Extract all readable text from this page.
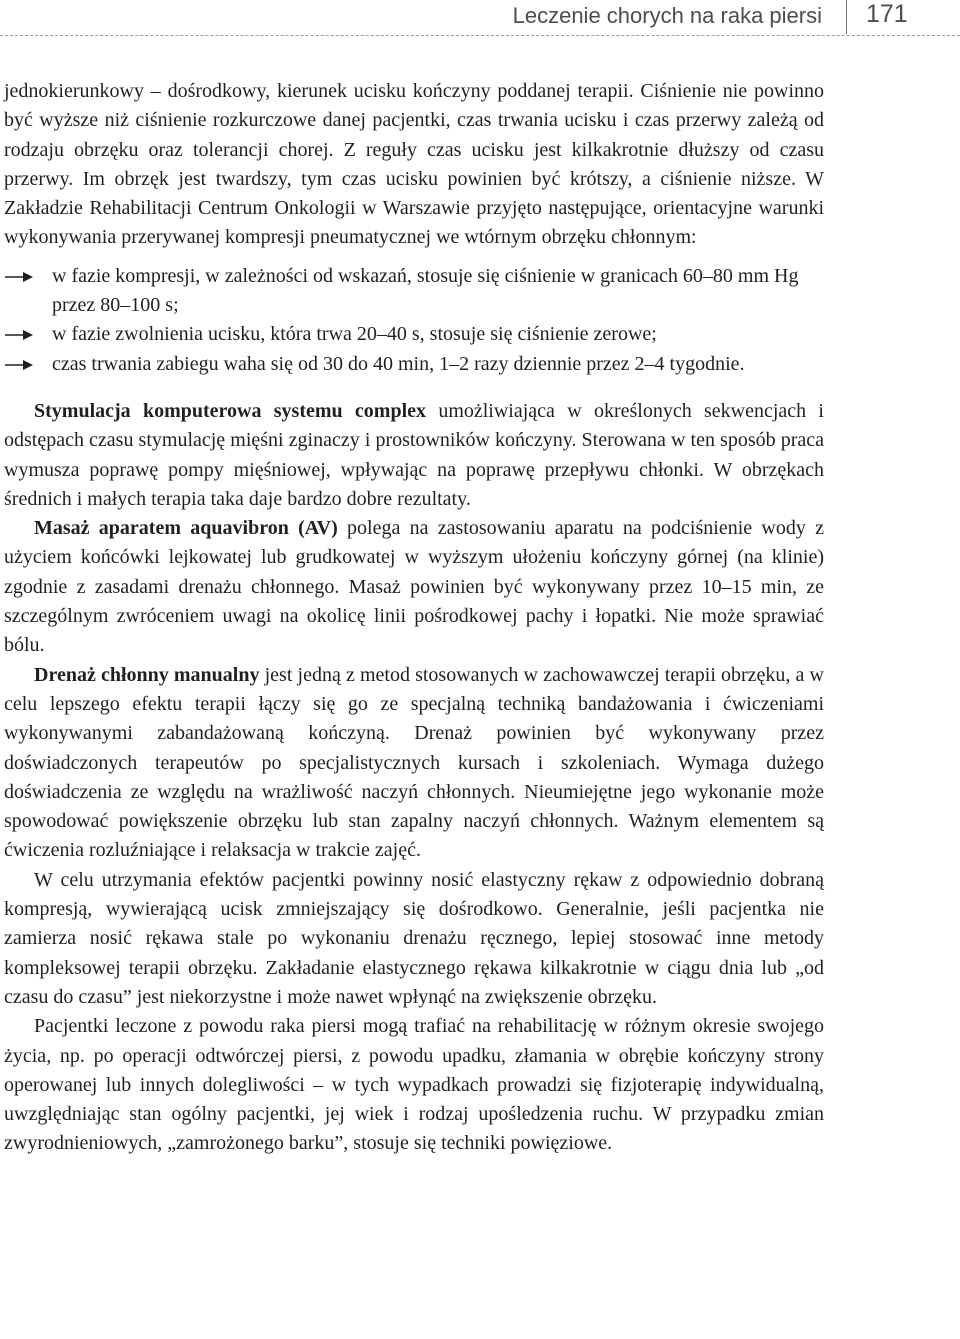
Leczenie chorych na raka piersi 171

jednokierunkowy – dośrodkowy, kierunek ucisku kończyny poddanej terapii. Ciśnienie nie powinno być wyższe niż ciśnienie rozkurczowe danej pacjentki, czas trwania ucisku i czas przerwy zależą od rodzaju obrzęku oraz tolerancji chorej. Z reguły czas ucisku jest kilkakrotnie dłuższy od czasu przerwy. Im obrzęk jest twardszy, tym czas ucisku powinien być krótszy, a ciśnienie niższe. W Zakładzie Rehabilitacji Centrum Onkologii w Warszawie przyjęto następujące, orientacyjne warunki wykonywania przerywanej kompresji pneumatycznej we wtórnym obrzęku chłonnym:

w fazie kompresji, w zależności od wskazań, stosuje się ciśnienie w granicach 60–80 mm Hg przez 80–100 s;
w fazie zwolnienia ucisku, która trwa 20–40 s, stosuje się ciśnienie zerowe;
czas trwania zabiegu waha się od 30 do 40 min, 1–2 razy dziennie przez 2–4 tygodnie.

Stymulacja komputerowa systemu complex umożliwiająca w określonych sekwencjach i odstępach czasu stymulację mięśni zginaczy i prostowników kończyny. Sterowana w ten sposób praca wymusza poprawę pompy mięśniowej, wpływając na poprawę przepływu chłonki. W obrzękach średnich i małych terapia taka daje bardzo dobre rezultaty.

Masaż aparatem aquavibron (AV) polega na zastosowaniu aparatu na podciśnienie wody z użyciem końcówki lejkowatej lub grudkowatej w wyższym ułożeniu kończyny górnej (na klinie) zgodnie z zasadami drenażu chłonnego. Masaż powinien być wykonywany przez 10–15 min, ze szczególnym zwróceniem uwagi na okolicę linii pośrodkowej pachy i łopatki. Nie może sprawiać bólu.

Drenaż chłonny manualny jest jedną z metod stosowanych w zachowawczej terapii obrzęku, a w celu lepszego efektu terapii łączy się go ze specjalną techniką bandażowania i ćwiczeniami wykonywanymi zabandażowaną kończyną. Drenaż powinien być wykonywany przez doświadczonych terapeutów po specjalistycznych kursach i szkoleniach. Wymaga dużego doświadczenia ze względu na wrażliwość naczyń chłonnych. Nieumiejętne jego wykonanie może spowodować powiększenie obrzęku lub stan zapalny naczyń chłonnych. Ważnym elementem są ćwiczenia rozluźniające i relaksacja w trakcie zajęć.

W celu utrzymania efektów pacjentki powinny nosić elastyczny rękaw z odpowiednio dobraną kompresją, wywierającą ucisk zmniejszający się dośrodkowo. Generalnie, jeśli pacjentka nie zamierza nosić rękawa stale po wykonaniu drenażu ręcznego, lepiej stosować inne metody kompleksowej terapii obrzęku. Zakładanie elastycznego rękawa kilkakrotnie w ciągu dnia lub „od czasu do czasu” jest niekorzystne i może nawet wpłynąć na zwiększenie obrzęku.

Pacjentki leczone z powodu raka piersi mogą trafiać na rehabilitację w różnym okresie swojego życia, np. po operacji odtwórczej piersi, z powodu upadku, złamania w obrębie kończyny strony operowanej lub innych dolegliwości – w tych wypadkach prowadzi się fizjoterapię indywidualną, uwzględniając stan ogólny pacjentki, jej wiek i rodzaj upośledzenia ruchu. W przypadku zmian zwyrodnieniowych, „zamrożonego barku”, stosuje się techniki powięziowe.
